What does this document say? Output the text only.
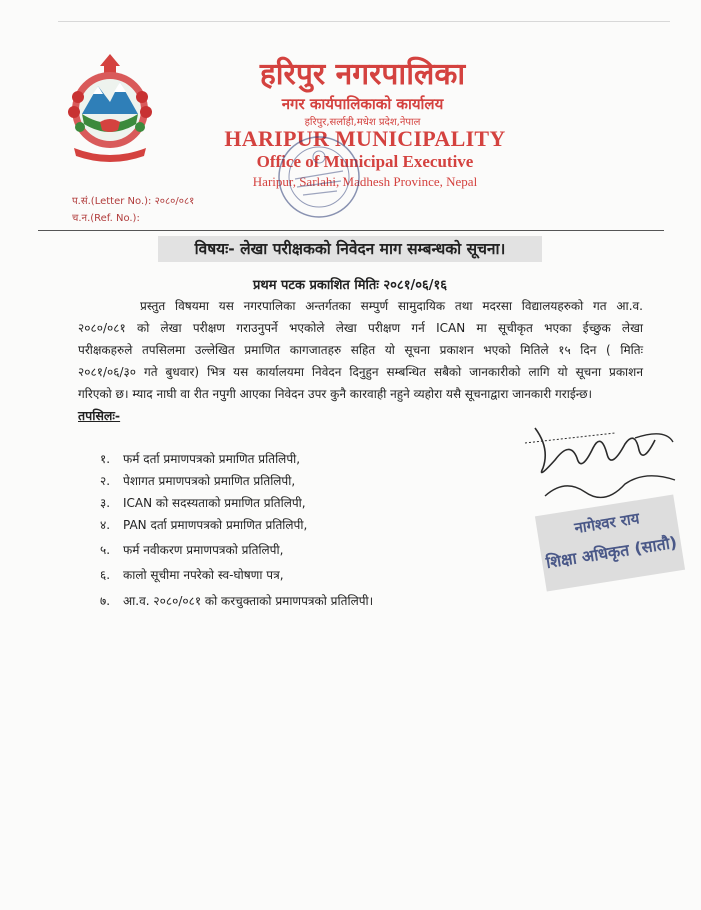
हरिपुर नगरपालिका
नगर कार्यपालिकाको कार्यालय
हरिपुर,सर्लाही,मधेश प्रदेश,नेपाल
HARIPUR MUNICIPALITY
Office of Municipal Executive
Haripur, Sarlahi, Madhesh Province, Nepal
प.सं.(Letter No.): २०८०/०८१
च.न.(Ref. No.):
विषयः- लेखा परीक्षकको निवेदन माग सम्बन्धको सूचना।
प्रथम पटक प्रकाशित मितिः २०८१/०६/१६
प्रस्तुत विषयमा यस नगरपालिका अन्तर्गतका सम्पुर्ण सामुदायिक तथा मदरसा विद्यालयहरुको गत आ.व.
२०८०/०८१ को लेखा परीक्षण गराउनुपर्ने भएकोले लेखा परीक्षण गर्न ICAN मा सूचीकृत भएका ईच्छुक लेखा
परीक्षकहरुले तपसिलमा उल्लेखित प्रमाणित कागजातहरु सहित यो सूचना प्रकाशन भएको मितिले १५ दिन ( मितिः
२०८१/०६/३० गते बुधवार) भित्र यस कार्यालयमा निवेदन दिनुहुन सम्बन्धित सबैको जानकारीको लागि यो सूचना प्रकाशन
गरिएको छ। म्याद नाघी वा रीत नपुगी आएका निवेदन उपर कुनै कारवाही नहुने व्यहोरा यसै सूचनाद्वारा जानकारी गराईन्छ।
तपसिलः-
१. फर्म दर्ता प्रमाणपत्रको प्रमाणित प्रतिलिपी,
२. पेशागत प्रमाणपत्रको प्रमाणित प्रतिलिपी,
३. ICAN को सदस्यताको प्रमाणित प्रतिलिपी,
४. PAN दर्ता प्रमाणपत्रको प्रमाणित प्रतिलिपी,
५. फर्म नवीकरण प्रमाणपत्रको प्रतिलिपी,
६. कालो सूचीमा नपरेको स्व-घोषणा पत्र,
७. आ.व. २०८०/०८१ को करचुक्ताको प्रमाणपत्रको प्रतिलिपी।
नागेश्वर राय
शिक्षा अधिकृत (सातौ)
